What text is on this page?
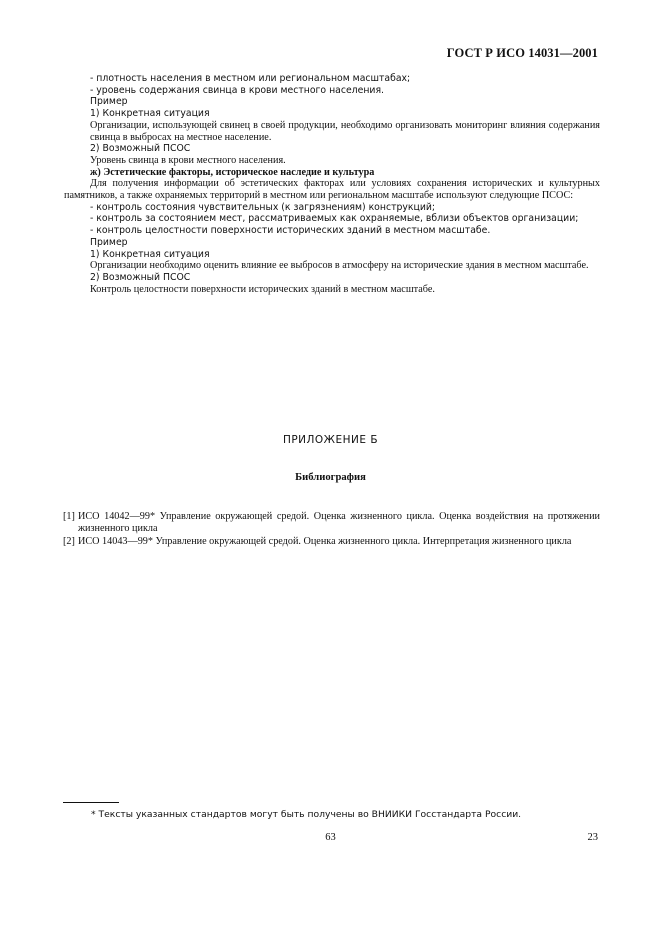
ГОСТ Р ИСО 14031—2001

- плотность населения в местном или региональном масштабах;

- уровень содержания свинца в крови местного населения.

Пример

1) Конкретная ситуация

Организации, использующей свинец в своей продукции, необходимо организовать мониторинг влияния содержания свинца в выбросах на местное население.

2) Возможный ПСОС

Уровень свинца в крови местного населения.

ж) Эстетические факторы, историческое наследие и культура

Для получения информации об эстетических факторах или условиях сохранения исторических и культурных памятников, а также охраняемых территорий в местном или региональном масштабе используют следующие ПСОС:

- контроль состояния чувствительных (к загрязнениям) конструкций;

- контроль за состоянием мест, рассматриваемых как охраняемые, вблизи объектов организации;

- контроль целостности поверхности исторических зданий в местном масштабе.

Пример

1) Конкретная ситуация

Организации необходимо оценить влияние ее выбросов в атмосферу на исторические здания в местном масштабе.

2) Возможный ПСОС

Контроль целостности поверхности исторических зданий в местном масштабе.

ПРИЛОЖЕНИЕ Б
Библиография
[1] ИСО 14042—99* Управление окружающей средой. Оценка жизненного цикла. Оценка воздействия на протяжении жизненного цикла
[2] ИСО 14043—99* Управление окружающей средой. Оценка жизненного цикла. Интерпретация жизненного цикла
* Тексты указанных стандартов могут быть получены во ВНИИКИ Госстандарта России.
63	23
